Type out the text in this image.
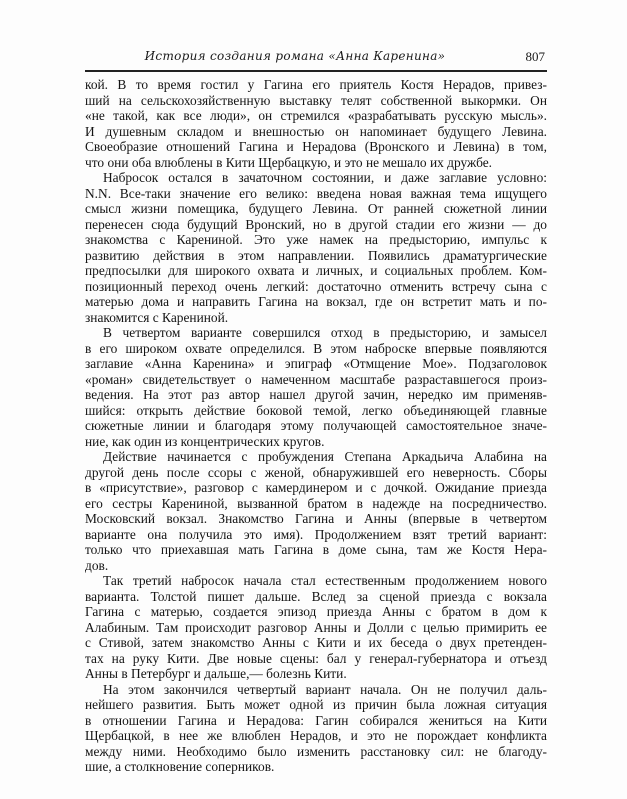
История создания романа «Анна Каренина»	807
кой. В то время гостил у Гагина его приятель Костя Нерадов, привез-
ший на сельскохозяйственную выставку телят собственной выкормки. Он
«не такой, как все люди», он стремился «разрабатывать русскую мысль».
И душевным складом и внешностью он напоминает будущего Левина.
Своеобразие отношений Гагина и Нерадова (Вронского и Левина) в том,
что они оба влюблены в Кити Щербацкую, и это не мешало их дружбе.
Набросок остался в зачаточном состоянии, и даже заглавие условно:
N.N. Все-таки значение его велико: введена новая важная тема ищущего
смысл жизни помещика, будущего Левина. От ранней сюжетной линии
перенесен сюда будущий Вронский, но в другой стадии его жизни — до
знакомства с Карениной. Это уже намек на предысторию, импульс к
развитию действия в этом направлении. Появились драматургические
предпосылки для широкого охвата и личных, и социальных проблем. Ком-
позиционный переход очень легкий: достаточно отменить встречу сына с
матерью дома и направить Гагина на вокзал, где он встретит мать и по-
знакомится с Карениной.
В четвертом варианте совершился отход в предысторию, и замысел
в его широком охвате определился. В этом наброске впервые появляются
заглавие «Анна Каренина» и эпиграф «Отмщение Мое». Подзаголовок
«роман» свидетельствует о намеченном масштабе разраставшегося произ-
ведения. На этот раз автор нашел другой зачин, нередко им применяв-
шийся: открыть действие боковой темой, легко объединяющей главные
сюжетные линии и благодаря этому получающей самостоятельное значе-
ние, как один из концентрических кругов.
Действие начинается с пробуждения Степана Аркадьича Алабина на
другой день после ссоры с женой, обнаружившей его неверность. Сборы
в «присутствие», разговор с камердинером и с дочкой. Ожидание приезда
его сестры Карениной, вызванной братом в надежде на посредничество.
Московский вокзал. Знакомство Гагина и Анны (впервые в четвертом
варианте она получила это имя). Продолжением взят третий вариант:
только что приехавшая мать Гагина в доме сына, там же Костя Нера-
дов.
Так третий набросок начала стал естественным продолжением нового
варианта. Толстой пишет дальше. Вслед за сценой приезда с вокзала
Гагина с матерью, создается эпизод приезда Анны с братом в дом к
Алабиным. Там происходит разговор Анны и Долли с целью примирить ее
с Стивой, затем знакомство Анны с Кити и их беседа о двух претенден-
тах на руку Кити. Две новые сцены: бал у генерал-губернатора и отъезд
Анны в Петербург и дальше,— болезнь Кити.
На этом закончился четвертый вариант начала. Он не получил даль-
нейшего развития. Быть может одной из причин была ложная ситуация
в отношении Гагина и Нерадова: Гагин собирался жениться на Кити
Щербацкой, в нее же влюблен Нерадов, и это не порождает конфликта
между ними. Необходимо было изменить расстановку сил: не благоду-
шие, а столкновение соперников.
